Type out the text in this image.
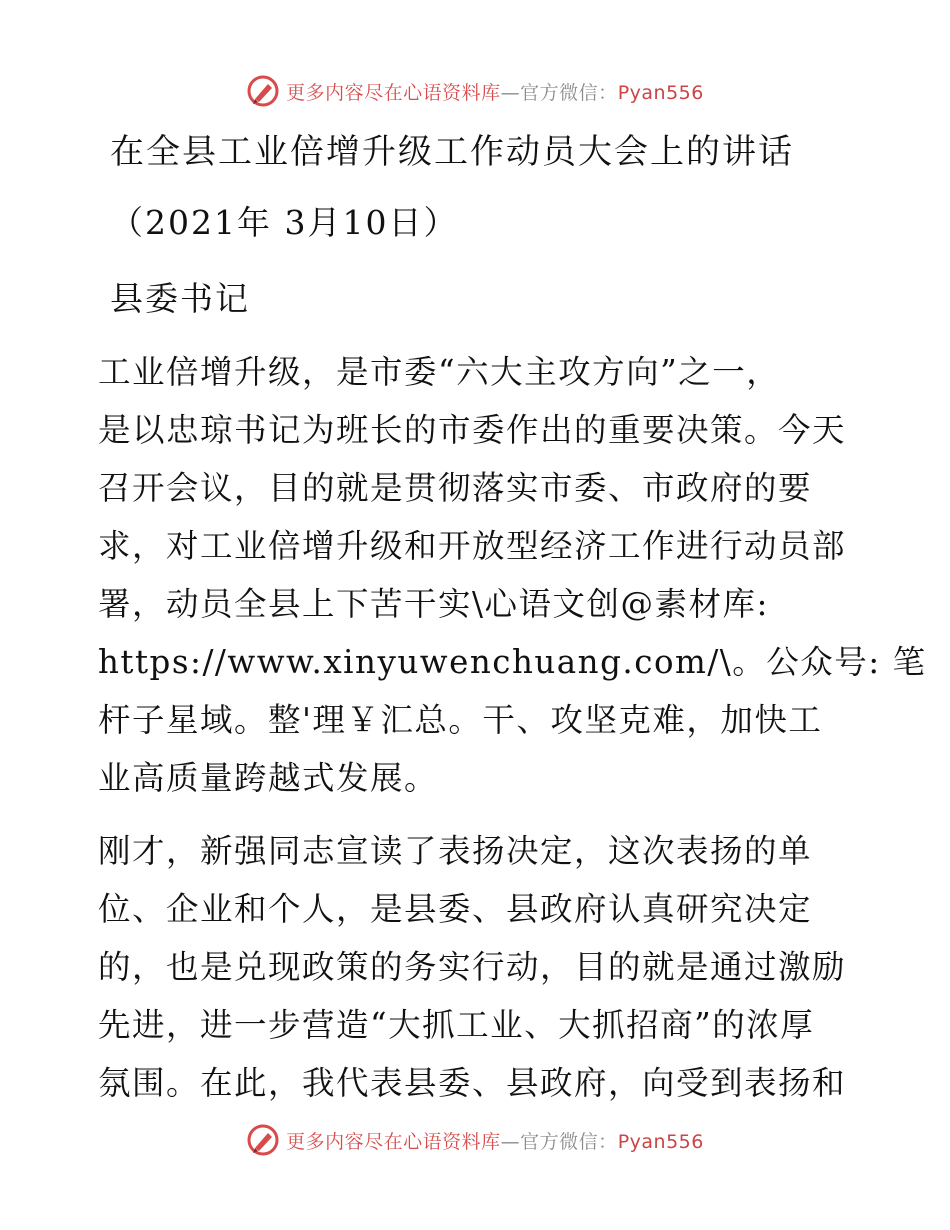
更多内容尽在心语资料库—官方微信：Pyan556
在全县工业倍增升级工作动员大会上的讲话
（2021年 3月10日）
县委书记
工业倍增升级，是市委“六大主攻方向”之一，
是以忠琼书记为班长的市委作出的重要决策。今天
召开会议，目的就是贯彻落实市委、市政府的要
求，对工业倍增升级和开放型经济工作进行动员部
署，动员全县上下苦干实\心语文创@素材库:
https://www.xinyuwenchuang.com/\。公众号: 笔
杆子星域。整'理￥汇总。干、攻坚克难，加快工
业高质量跨越式发展。
刚才，新强同志宣读了表扬决定，这次表扬的单
位、企业和个人，是县委、县政府认真研究决定
的，也是兑现政策的务实行动，目的就是通过激励
先进，进一步营造“大抓工业、大抓招商”的浓厚
氛围。在此，我代表县委、县政府，向受到表扬和
更多内容尽在心语资料库—官方微信：Pyan556
